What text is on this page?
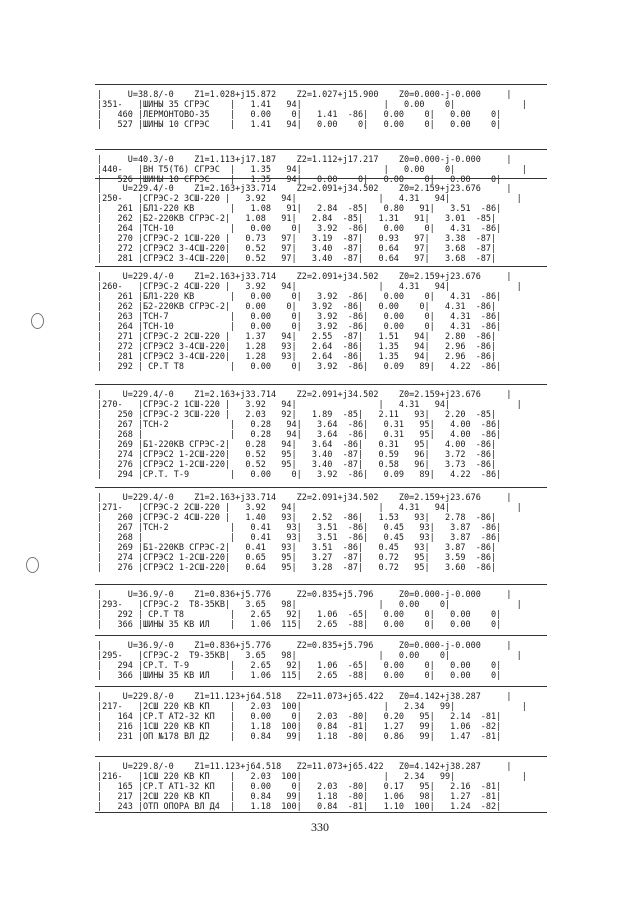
|     U=38.8/-0    Z1=1.028+j15.872    Z2=1.027+j15.900    Z0=0.000-j-0.000     |
|351-   |ШИНЫ 35 СГРЭС    |   1.41   94|                |   0.00    0|             |
|   460 |ЛЕРМОНТОВО-35    |   0.00    0|   1.41  -86|   0.00    0|   0.00    0|
|   527 |ШИНЫ 10 СГРЭС    |   1.41   94|   0.00    0|   0.00    0|   0.00    0|
|     U=40.3/-0    Z1=1.113+j17.187    Z2=1.112+j17.217    Z0=0.000-j-0.000     |
|440-   |ВН Т5(Т6) СГРЭС  |   1.35   94|                |   0.00    0|             |
|   526 |ШИНЫ 10 СГРЭС    |   1.35   94|   0.00    0|   0.00    0|   0.00    0|
|    U=229.4/-0    Z1=2.163+j33.714    Z2=2.091+j34.502    Z0=2.159+j23.676     |
|250-   |СГРЭС-2 3СШ-220 |   3.92   94|                |   4.31   94|             |
|   261 |БЛ1-220 КВ       |   1.08   91|   2.84  -85|   0.80   91|   3.51  -86|
|   262 |Б2-220КВ СГРЭС-2|   1.08   91|   2.84  -85|   1.31   91|   3.01  -85|
|   264 |ТСН-10           |   0.00    0|   3.92  -86|   0.00    0|   4.31  -86|
|   270 |СГРЭС-2 1СШ-220 |   0.73   97|   3.19  -87|   0.93   97|   3.38  -87|
|   272 |СГРЭС2 3-4СШ-220|   0.52   97|   3.40  -87|   0.64   97|   3.68  -87|
|   281 |СГРЭС2 3-4СШ-220|   0.52   97|   3.40  -87|   0.64   97|   3.68  -87|
|    U=229.4/-0    Z1=2.163+j33.714    Z2=2.091+j34.502    Z0=2.159+j23.676     |
|260-   |СГРЭС-2 4СШ-220 |   3.92   94|                |   4.31   94|             |
|   261 |БЛ1-220 КВ       |   0.00    0|   3.92  -86|   0.00    0|   4.31  -86|
|   262 |Б2-220КВ СГРЭС-2|   0.00    0|   3.92  -86|   0.00    0|   4.31  -86|
|   263 |ТСН-7            |   0.00    0|   3.92  -86|   0.00    0|   4.31  -86|
|   264 |ТСН-10           |   0.00    0|   3.92  -86|   0.00    0|   4.31  -86|
|   271 |СГРЭС-2 2СШ-220 |   1.37   94|   2.55  -87|   1.51   94|   2.80  -86|
|   272 |СГРЭС2 3-4СШ-220|   1.28   93|   2.64  -86|   1.35   94|   2.96  -86|
|   281 |СГРЭС2 3-4СШ-220|   1.28   93|   2.64  -86|   1.35   94|   2.96  -86|
|   292 | СР.Т Т8         |   0.00    0|   3.92  -86|   0.09   89|   4.22  -86|
|    U=229.4/-0    Z1=2.163+j33.714    Z2=2.091+j34.502    Z0=2.159+j23.676     |
|270-   |СГРЭС-2 1СШ-220 |   3.92   94|                |   4.31   94|             |
|   250 |СГРЭС-2 3СШ-220 |   2.03   92|   1.89  -85|   2.11   93|   2.20  -85|
|   267 |ТСН-2            |   0.28   94|   3.64  -86|   0.31   95|   4.00  -86|
|   268 |                 |   0.28   94|   3.64  -86|   0.31   95|   4.00  -86|
|   269 |Б1-220КВ СГРЭС-2|   0.28   94|   3.64  -86|   0.31   95|   4.00  -86|
|   274 |СГРЭС2 1-2СШ-220|   0.52   95|   3.40  -87|   0.59   96|   3.72  -86|
|   276 |СГРЭС2 1-2СШ-220|   0.52   95|   3.40  -87|   0.58   96|   3.73  -86|
|   294 |СР.Т. Т-9        |   0.00    0|   3.92  -86|   0.09   89|   4.22  -86|
|    U=229.4/-0    Z1=2.163+j33.714    Z2=2.091+j34.502    Z0=2.159+j23.676     |
|271-   |СГРЭС-2 2СШ-220 |   3.92   94|                |   4.31   94|             |
|   260 |СГРЭС-2 4СШ-220 |   1.40   93|   2.52  -86|   1.53   93|   2.78  -86|
|   267 |ТСН-2            |   0.41   93|   3.51  -86|   0.45   93|   3.87  -86|
|   268 |                 |   0.41   93|   3.51  -86|   0.45   93|   3.87  -86|
|   269 |Б1-220КВ СГРЭС-2|   0.41   93|   3.51  -86|   0.45   93|   3.87  -86|
|   274 |СГРЭС2 1-2СШ-220|   0.65   95|   3.27  -87|   0.72   95|   3.59  -86|
|   276 |СГРЭС2 1-2СШ-220|   0.64   95|   3.28  -87|   0.72   95|   3.60  -86|
|     U=36.9/-0    Z1=0.836+j5.776     Z2=0.835+j5.796     Z0=0.000-j-0.000     |
|293-   |СГРЭС-2  Т8-35КВ|   3.65   98|                |   0.00    0|             |
|   292 | СР.Т Т8         |   2.65   92|   1.06  -65|   0.00    0|   0.00    0|
|   366 |ШИНЫ 35 КВ ИЛ    |   1.06  115|   2.65  -88|   0.00    0|   0.00    0|
|     U=36.9/-0    Z1=0.836+j5.776     Z2=0.835+j5.796     Z0=0.000-j-0.000     |
|295-   |СГРЭС-2  Т9-35КВ|   3.65   98|                |   0.00    0|             |
|   294 |СР.Т. Т-9        |   2.65   92|   1.06  -65|   0.00    0|   0.00    0|
|   366 |ШИНЫ 35 КВ ИЛ    |   1.06  115|   2.65  -88|   0.00    0|   0.00    0|
|    U=229.8/-0    Z1=11.123+j64.518   Z2=11.073+j65.422   Z0=4.142+j38.287     |
|217-   |2СШ 220 КВ КП    |   2.03  100|                |   2.34   99|             |
|   164 |СР.Т АТ2-32 КП   |   0.00    0|   2.03  -80|   0.20   95|   2.14  -81|
|   216 |1СШ 220 КВ КП    |   1.18  100|   0.84  -81|   1.27   99|   1.06  -82|
|   231 |ОП №178 ВЛ Д2    |   0.84   99|   1.18  -80|   0.86   99|   1.47  -81|
|    U=229.8/-0    Z1=11.123+j64.518   Z2=11.073+j65.422   Z0=4.142+j38.287     |
|216-   |1СШ 220 КВ КП    |   2.03  100|                |   2.34   99|             |
|   165 |СР.Т АТ1-32 КП   |   0.00    0|   2.03  -80|   0.17   95|   2.16  -81|
|   217 |2СШ 220 КВ КП    |   0.84   99|   1.18  -80|   1.06   98|   1.27  -81|
|   243 |ОТП ОПОРА ВЛ Д4  |   1.18  100|   0.84  -81|   1.10  100|   1.24  -82|
330
